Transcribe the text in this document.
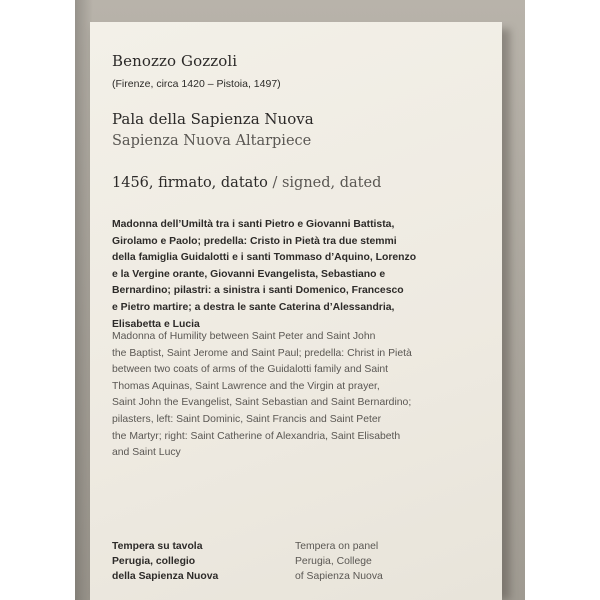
Benozzo Gozzoli
(Firenze, circa 1420 – Pistoia, 1497)
Pala della Sapienza Nuova
Sapienza Nuova Altarpiece
1456, firmato, datato / signed, dated

Madonna dell’Umiltà tra i santi Pietro e Giovanni Battista,
Girolamo e Paolo; predella: Cristo in Pietà tra due stemmi
della famiglia Guidalotti e i santi Tommaso d’Aquino, Lorenzo
e la Vergine orante, Giovanni Evangelista, Sebastiano e
Bernardino; pilastri: a sinistra i santi Domenico, Francesco
e Pietro martire; a destra le sante Caterina d’Alessandria,
Elisabetta e Lucia

Madonna of Humility between Saint Peter and Saint John
the Baptist, Saint Jerome and Saint Paul; predella: Christ in Pietà
between two coats of arms of the Guidalotti family and Saint
Thomas Aquinas, Saint Lawrence and the Virgin at prayer,
Saint John the Evangelist, Saint Sebastian and Saint Bernardino;
pilasters, left: Saint Dominic, Saint Francis and Saint Peter
the Martyr; right: Saint Catherine of Alexandria, Saint Elisabeth
and Saint Lucy

Tempera su tavola
Perugia, collegio
della Sapienza Nuova
Tempera on panel
Perugia, College
of Sapienza Nuova
